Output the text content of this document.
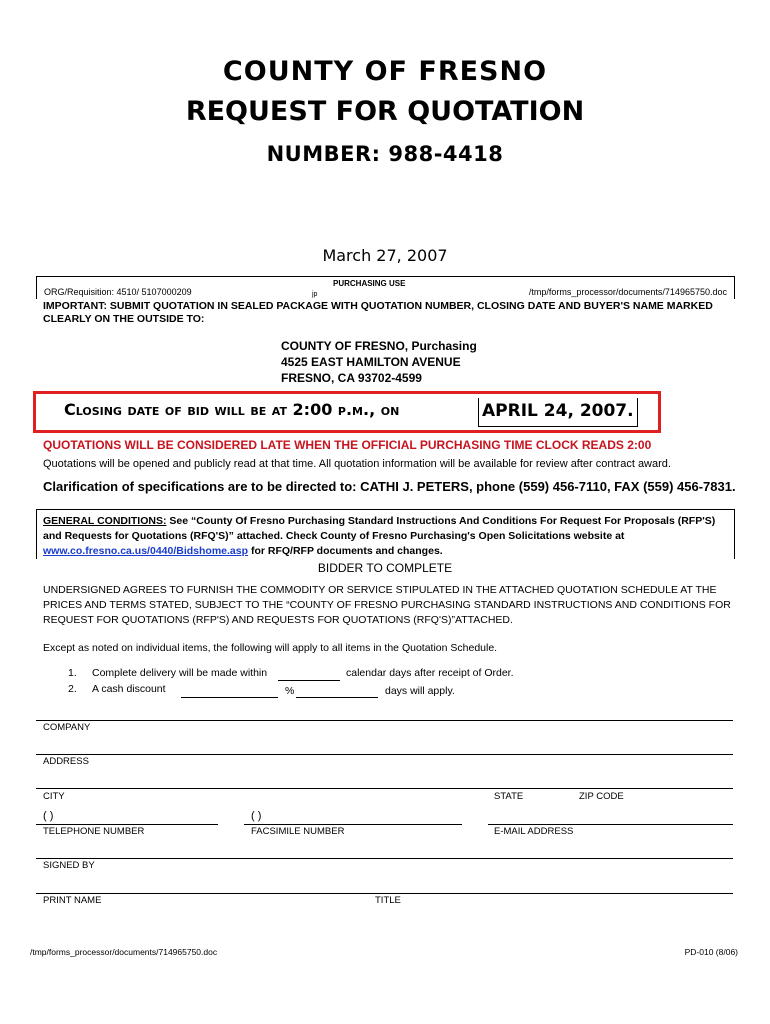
COUNTY OF FRESNO
REQUEST FOR QUOTATION
NUMBER: 988-4418
March 27, 2007
PURCHASING USE
jp
ORG/Requisition: 4510/ 5107000209	/tmp/forms_processor/documents/714965750.doc
IMPORTANT: SUBMIT QUOTATION IN SEALED PACKAGE WITH QUOTATION NUMBER, CLOSING DATE AND BUYER'S NAME MARKED CLEARLY ON THE OUTSIDE TO:
COUNTY OF FRESNO, Purchasing
4525 EAST HAMILTON AVENUE
FRESNO, CA 93702-4599
Closing date of bid will be at 2:00 p.m., on	APRIL 24, 2007.
QUOTATIONS WILL BE CONSIDERED LATE WHEN THE OFFICIAL PURCHASING TIME CLOCK READS 2:00
Quotations will be opened and publicly read at that time. All quotation information will be available for review after contract award.
Clarification of specifications are to be directed to: CATHI J. PETERS, phone (559) 456-7110, FAX (559) 456-7831.
GENERAL CONDITIONS: See “County Of Fresno Purchasing Standard Instructions And Conditions For Request For Proposals (RFP'S) and Requests for Quotations (RFQ'S)” attached. Check County of Fresno Purchasing's Open Solicitations website at www.co.fresno.ca.us/0440/Bidshome.asp for RFQ/RFP documents and changes.
BIDDER TO COMPLETE
UNDERSIGNED AGREES TO FURNISH THE COMMODITY OR SERVICE STIPULATED IN THE ATTACHED QUOTATION SCHEDULE AT THE PRICES AND TERMS STATED, SUBJECT TO THE “COUNTY OF FRESNO PURCHASING STANDARD INSTRUCTIONS AND CONDITIONS FOR REQUEST FOR QUOTATIONS (RFP'S) AND REQUESTS FOR QUOTATIONS (RFQ'S)”ATTACHED.
Except as noted on individual items, the following will apply to all items in the Quotation Schedule.
1. Complete delivery will be made within	calendar days after receipt of Order.
2. A cash discount	%	days will apply.
COMPANY
ADDRESS
CITY	STATE	ZIP CODE
( )	( )
TELEPHONE NUMBER	FACSIMILE NUMBER	E-MAIL ADDRESS
SIGNED BY
PRINT NAME	TITLE
/tmp/forms_processor/documents/714965750.doc	PD-010 (8/06)
